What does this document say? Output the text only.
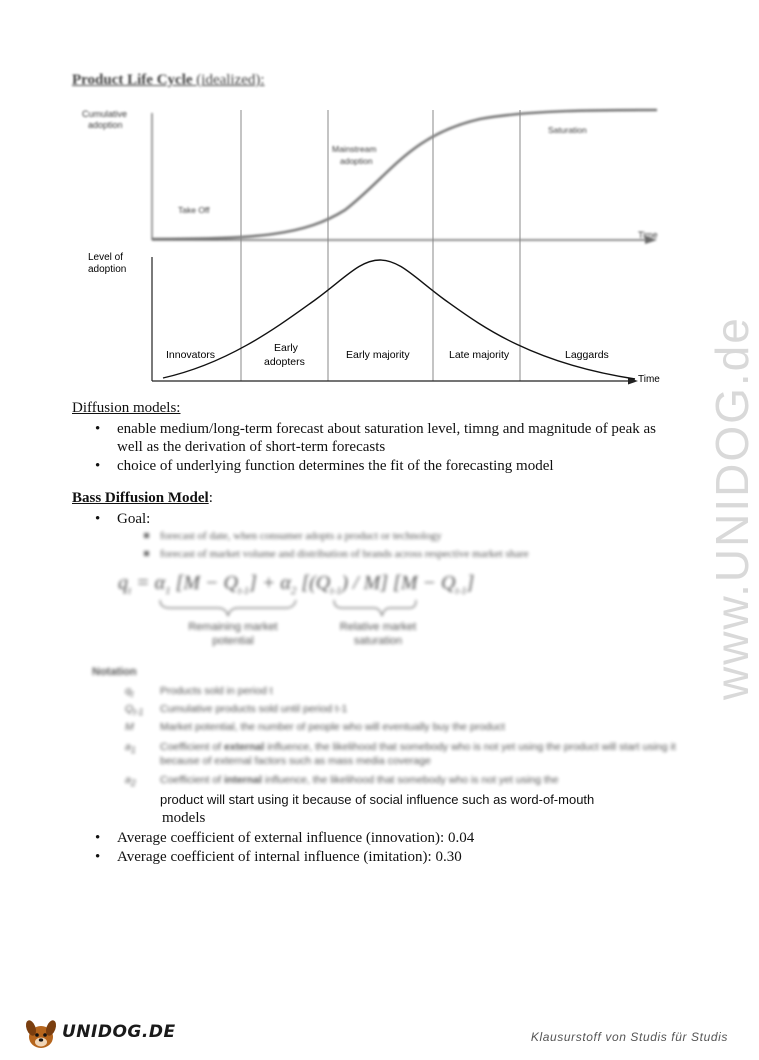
Product Life Cycle (idealized):
Cumulative
adoption
Time
Take Off
Mainstream
adoption
Saturation
Level of
adoption
Time
Innovators
Early
adopters
Early majority	Late majority	Laggards
Diffusion models:
• enable medium/long-term forecast about saturation level, timng and magnitude of peak as
well as the derivation of short-term forecasts
• choice of underlying function determines the fit of the forecasting model
Bass Diffusion Model:
• Goal:
forecast of date, when consumer adopts a product or technology
forecast of market volume and distribution of brands across respective market share
$q_t = \alpha_1$ $[M - Q_{t-1}] + \alpha_2$ $[(Q_{t-1}) / M] [M - Q_{t-1}]$
Remaining market
potential
Relative market
saturation
Notation
$q_t$	Products sold in period t
$Q_{t-1}$ Cumulative products sold until period t-1
M	Market potential, the number of people who will eventually buy the product
$a_1$ Coefficient of external influence, the likelihood that somebody who is not yet using the product will start using it because of external factors such as mass media coverage
$a_2$ Coefficient of internal influence, the likelihood that somebody who is not yet using the
product will start using it because of social influence such as word-of-mouth
models
• Average coefficient of external influence (innovation): 0.04
• Average coefficient of internal influence (imitation): 0.30
www.UNIDOG.de
UNIDOG.DE	Klausurstoff von Studis für Studis
